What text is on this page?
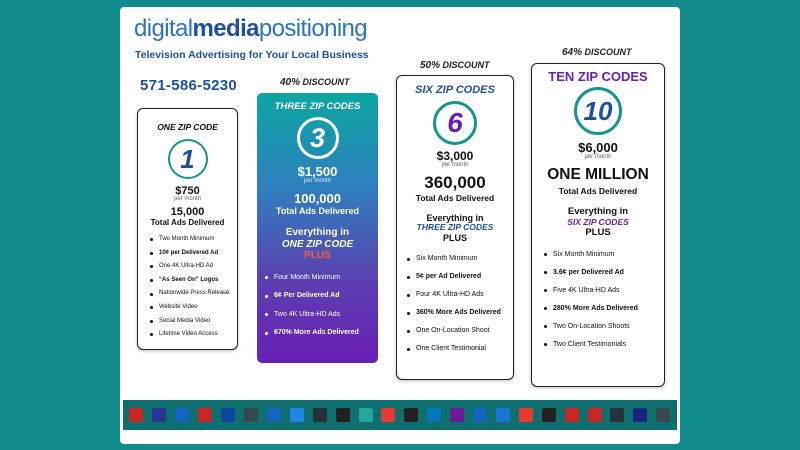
digitalmediapositioning
Television Advertising for Your Local Business
571-586-5230	40% DISCOUNT
50% DISCOUNT
64% DISCOUNT
ONE ZIP CODE
1
$750
per month
15,000
Total Ads Delivered
Two Month Minimum
10¢ per Delivered Ad
One 4K Ultra-HD Ad
“As Seen On” Logos
Nationwide Press Release
Website Video
Social Media Video
Lifetime Video Access
THREE ZIP CODES
3
$1,500
per month
100,000
Total Ads Delivered
Everything in
ONE ZIP CODE
PLUS
Four Month Minimum
6¢ Per Delivered Ad
Two 4K Ultra-HD Ads
670% More Ads Delivered
SIX ZIP CODES
6
$3,000
per month
360,000
Total Ads Delivered
Everything in
THREE ZIP CODES
PLUS
Six Month Minimum
5¢ per Ad Delivered
Four 4K Ultra-HD Ads
360% More Ads Delivered
One On-Location Shoot
One Client Testimonial
TEN ZIP CODES
10
$6,000
per month
ONE MILLION
Total Ads Delivered
Everything in
SIX ZIP CODES
PLUS
Six Month Minimum
3.6¢ per Delivered Ad
Five 4K Ultra-HD Ads
280% More Ads Delivered
Two On-Location Shoots
Two Client Testimonials
